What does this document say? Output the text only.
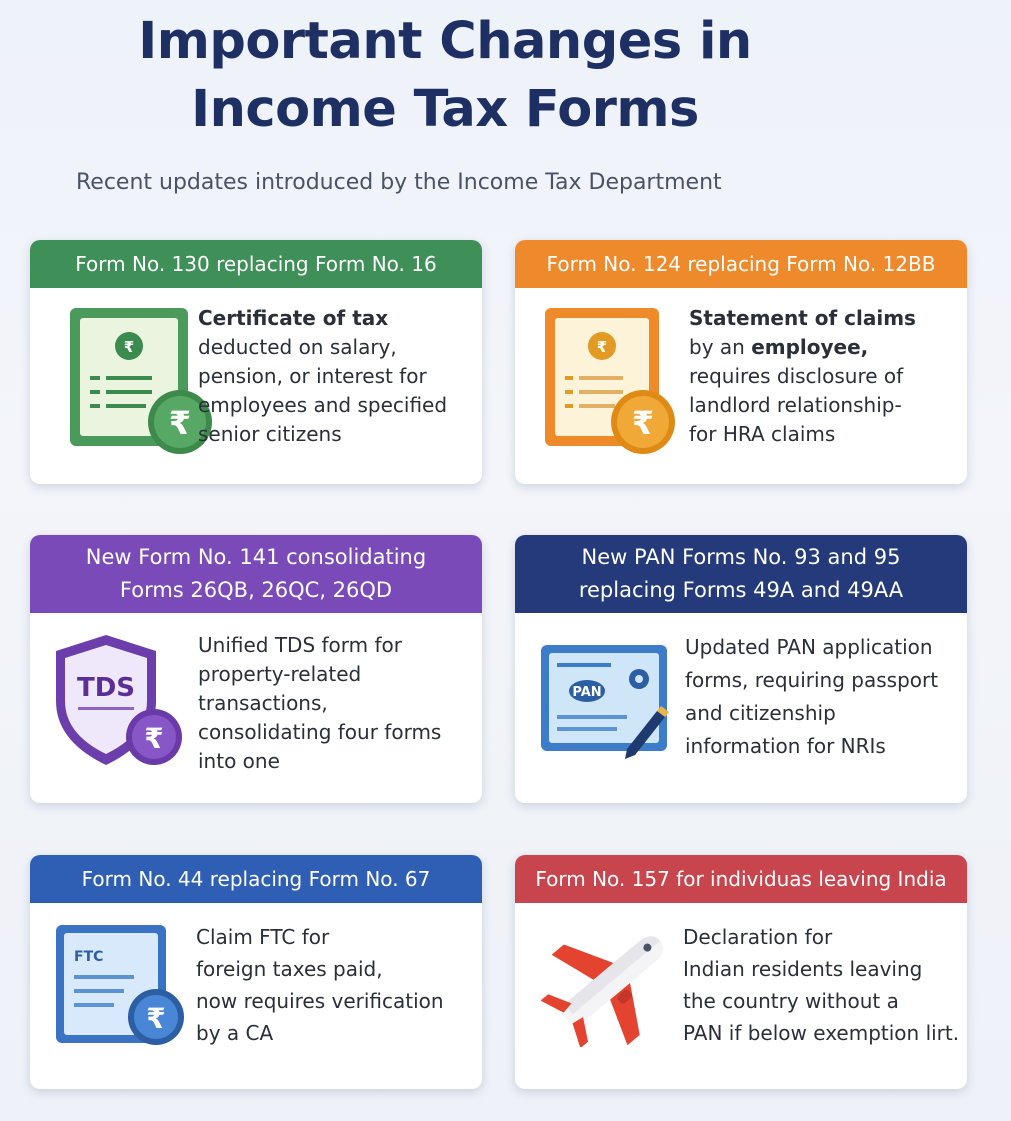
Important Changes in
Income Tax Forms
Recent updates introduced by the Income Tax Department
Form No. 130 replacing Form No. 16
₹
₹
Certificate of tax
deducted on salary,
pension, or interest for
employees and specified
senior citizens
Form No. 124 replacing Form No. 12BB
₹
₹
Statement of claims
by an employee,
requires disclosure of
landlord relationship-
for HRA claims
New Form No. 141 consolidating
Forms 26QB, 26QC, 26QD
TDS
₹
Unified TDS form for
property-related
transactions,
consolidating four forms
into one
New PAN Forms No. 93 and 95
replacing Forms 49A and 49AA
PAN
Updated PAN application
forms, requiring passport
and citizenship
information for NRIs
Form No. 44 replacing Form No. 67
FTC
₹
Claim FTC for
foreign taxes paid,
now requires verification
by a CA
Form No. 157 for individuas leaving India
Declaration for
Indian residents leaving
the country without a
PAN if below exemption lirt.
